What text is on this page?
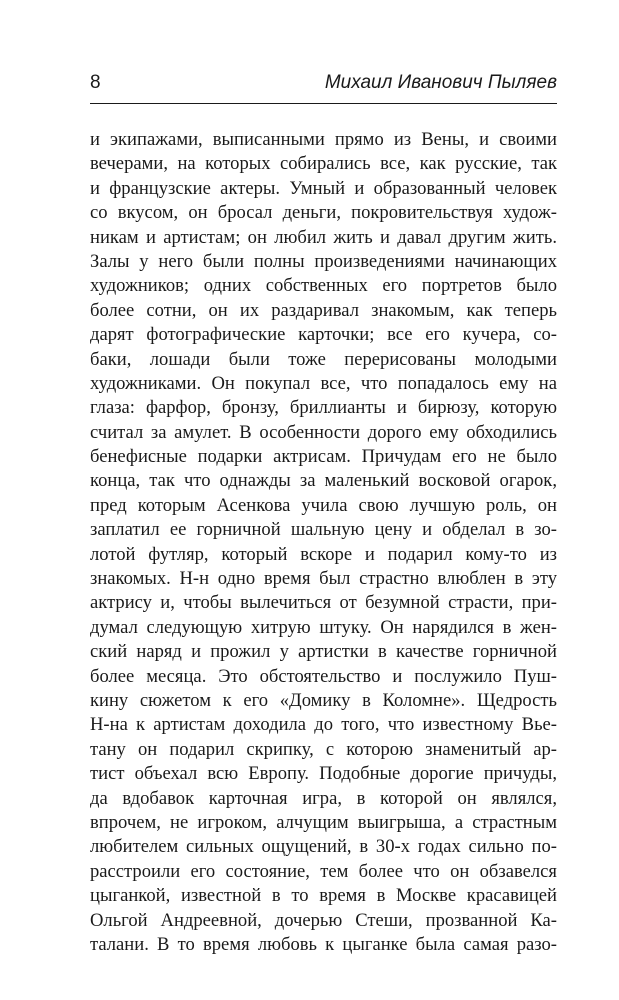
8	Михаил Иванович Пыляев
и экипажами, выписанными прямо из Вены, и своими
вечерами, на которых собирались все, как русские, так
и французские актеры. Умный и образованный человек
со вкусом, он бросал деньги, покровительствуя худож-
никам и артистам; он любил жить и давал другим жить.
Залы у него были полны произведениями начинающих
художников; одних собственных его портретов было
более сотни, он их раздаривал знакомым, как теперь
дарят фотографические карточки; все его кучера, со-
баки, лошади были тоже перерисованы молодыми
художниками. Он покупал все, что попадалось ему на
глаза: фарфор, бронзу, бриллианты и бирюзу, которую
считал за амулет. В особенности дорого ему обходились
бенефисные подарки актрисам. Причудам его не было
конца, так что однажды за маленький восковой огарок,
пред которым Асенкова учила свою лучшую роль, он
заплатил ее горничной шальную цену и обделал в зо-
лотой футляр, который вскоре и подарил кому-то из
знакомых. Н-н одно время был страстно влюблен в эту
актрису и, чтобы вылечиться от безумной страсти, при-
думал следующую хитрую штуку. Он нарядился в жен-
ский наряд и прожил у артистки в качестве горничной
более месяца. Это обстоятельство и послужило Пуш-
кину сюжетом к его «Домику в Коломне». Щедрость
Н-на к артистам доходила до того, что известному Вье-
тану он подарил скрипку, с которою знаменитый ар-
тист объехал всю Европу. Подобные дорогие причуды,
да вдобавок карточная игра, в которой он являлся,
впрочем, не игроком, алчущим выигрыша, а страстным
любителем сильных ощущений, в 30-х годах сильно по-
расстроили его состояние, тем более что он обзавелся
цыганкой, известной в то время в Москве красавицей
Ольгой Андреевной, дочерью Стеши, прозванной Ка-
талани. В то время любовь к цыганке была самая разо-
